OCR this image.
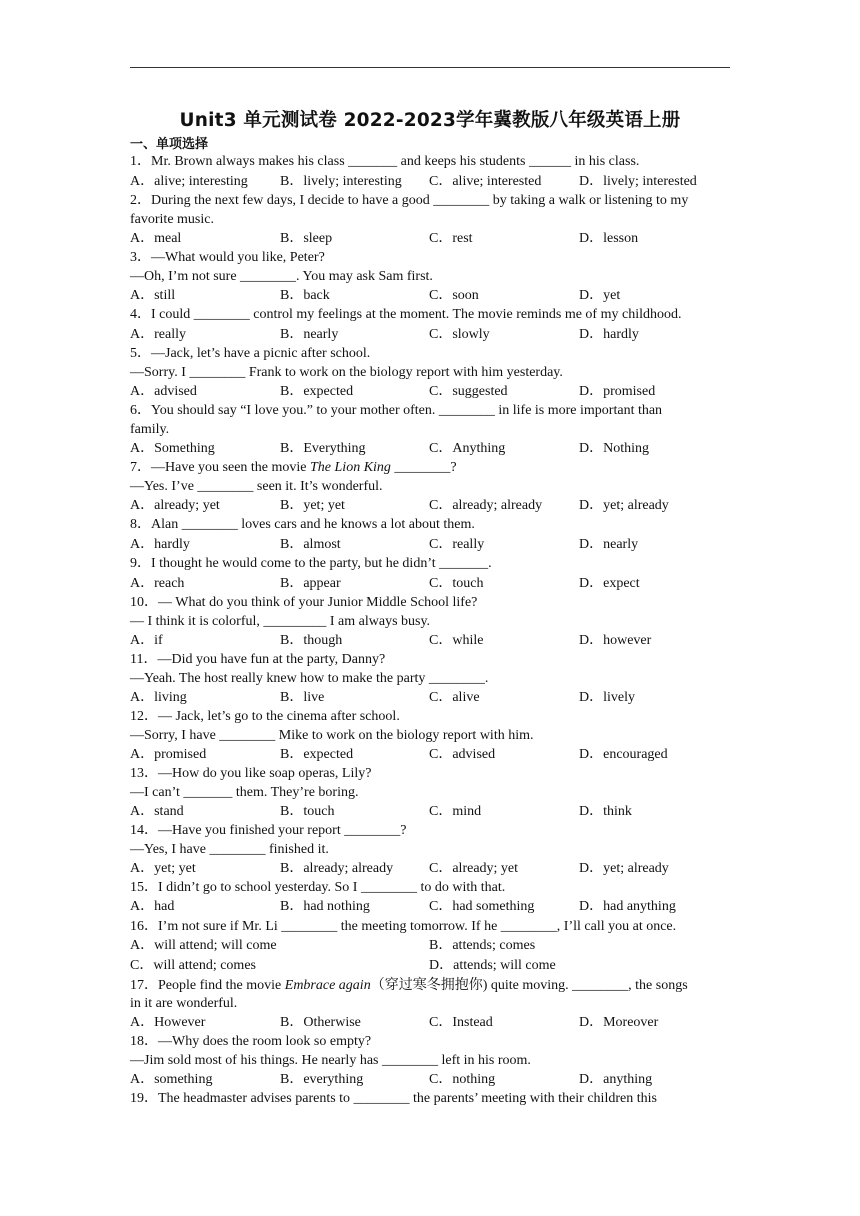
Unit3 单元测试卷 2022-2023学年冀教版八年级英语上册
一、单项选择
1．Mr. Brown always makes his class _______ and keeps his students ______ in his class.
A．alive; interesting B．lively; interesting C．alive; interested	D．lively; interested
2．During the next few days, I decide to have a good ________ by taking a walk or listening to my
favorite music.
A．meal	B．sleep	C．rest	D．lesson
3．—What would you like, Peter?
—Oh, I’m not sure ________. You may ask Sam first.
A．still	B．back	C．soon	D．yet
4．I could ________ control my feelings at the moment. The movie reminds me of my childhood.
A．really	B．nearly	C．slowly	D．hardly
5．—Jack, let’s have a picnic after school.
—Sorry. I ________ Frank to work on the biology report with him yesterday.
A．advised	B．expected	C．suggested	D．promised
6．You should say “I love you.” to your mother often. ________ in life is more important than
family.
A．Something	B．Everything	C．Anything	D．Nothing
7．—Have you seen the movie The Lion King ________?
—Yes. I’ve ________ seen it. It’s wonderful.
A．already; yet	B．yet; yet	C．already; already	D．yet; already
8．Alan ________ loves cars and he knows a lot about them.
A．hardly	B．almost	C．really	D．nearly
9．I thought he would come to the party, but he didn’t _______.
A．reach	B．appear	C．touch	D．expect
10．— What do you think of your Junior Middle School life?
— I think it is colorful, _________ I am always busy.
A．if	B．though	C．while	D．however
11．—Did you have fun at the party, Danny?
—Yeah. The host really knew how to make the party ________.
A．living	B．live	C．alive	D．lively
12．— Jack, let’s go to the cinema after school.
—Sorry, I have ________ Mike to work on the biology report with him.
A．promised	B．expected	C．advised	D．encouraged
13．—How do you like soap operas, Lily?
—I can’t _______ them. They’re boring.
A．stand	B．touch	C．mind	D．think
14．—Have you finished your report ________?
—Yes, I have ________ finished it.
A．yet; yet	B．already; already	C．already; yet	D．yet; already
15．I didn’t go to school yesterday. So I ________ to do with that.
A．had	B．had nothing	C．had something	D．had anything
16．I’m not sure if Mr. Li ________ the meeting tomorrow. If he ________, I’ll call you at once.
A．will attend; will come	B．attends; comes
C．will attend; comes	D．attends; will come
17．People find the movie Embrace again（穿过寒冬拥抱你) quite moving. ________, the songs
in it are wonderful.
A．However	B．Otherwise	C．Instead	D．Moreover
18．—Why does the room look so empty?
—Jim sold most of his things. He nearly has ________ left in his room.
A．something	B．everything	C．nothing	D．anything
19．The headmaster advises parents to ________ the parents’ meeting with their children this
